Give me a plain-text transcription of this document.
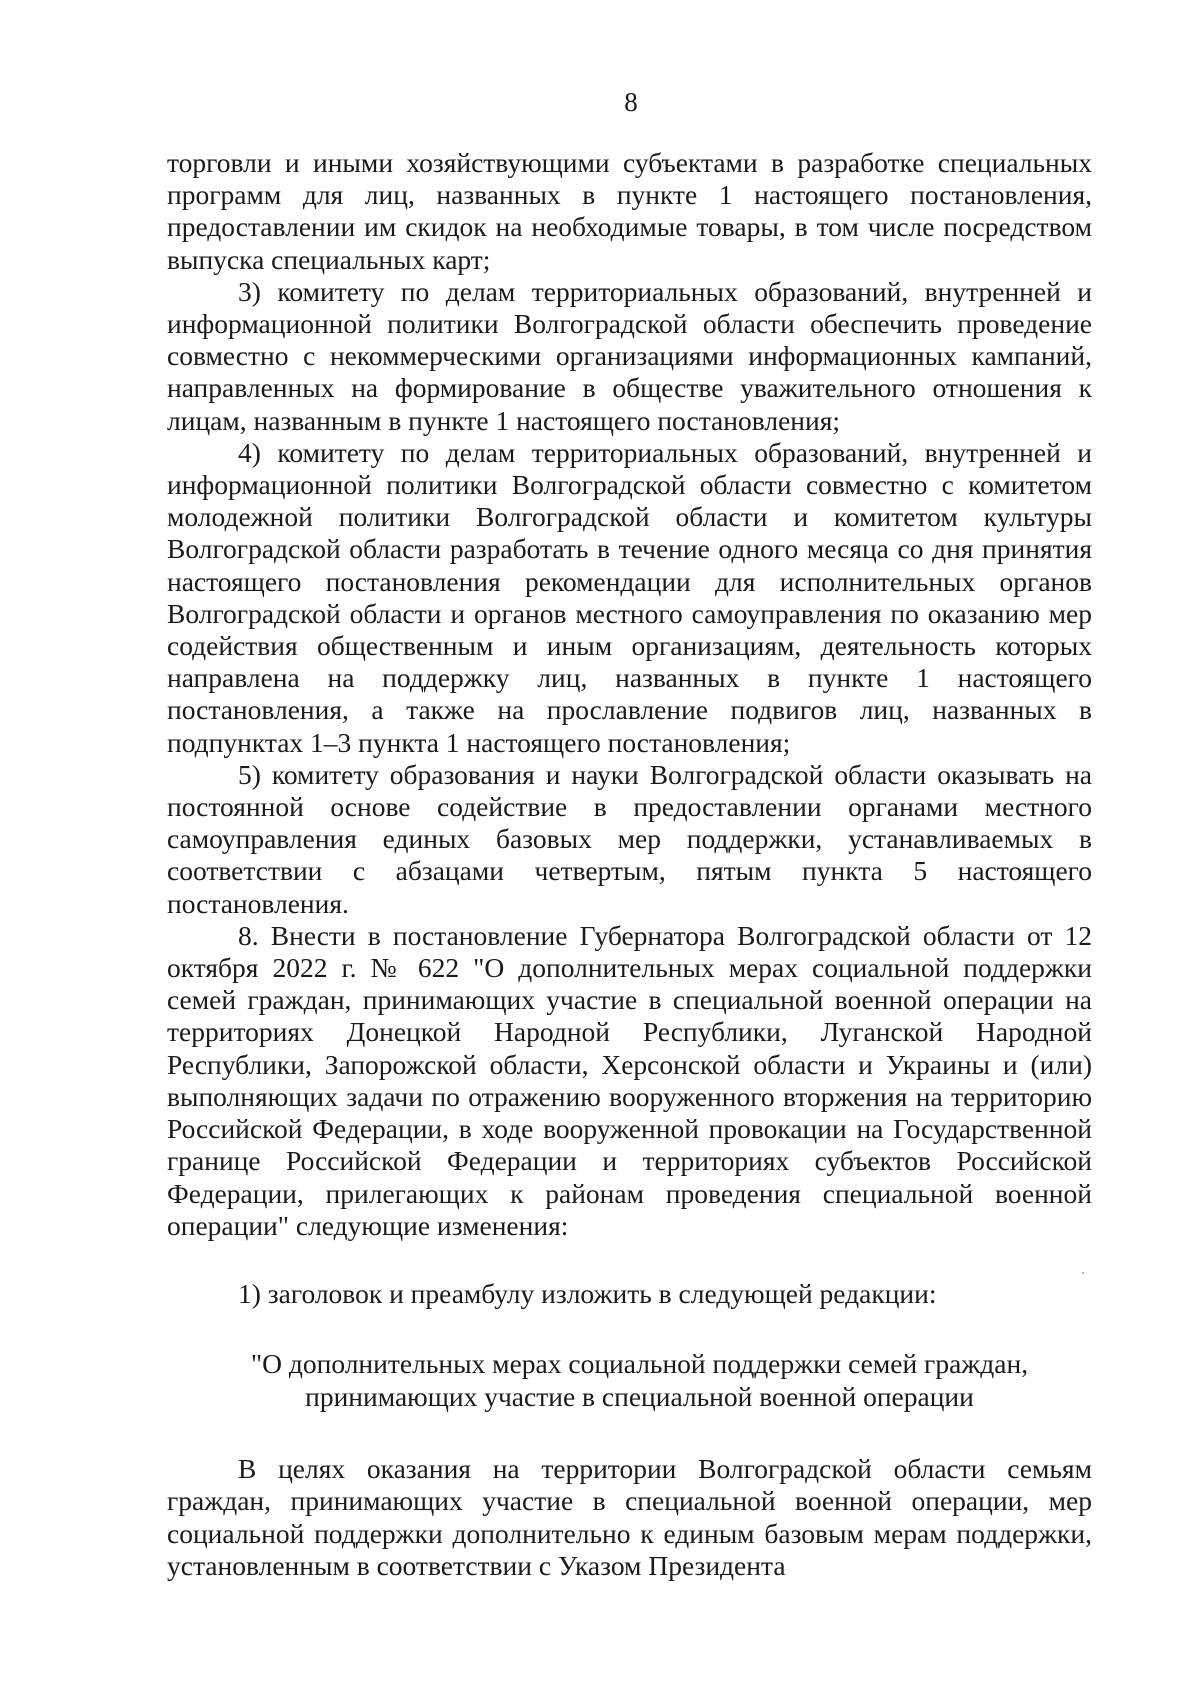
8

торговли и иными хозяйствующими субъектами в разработке специальных программ для лиц, названных в пункте 1 настоящего постановления, предоставлении им скидок на необходимые товары, в том числе посредством выпуска специальных карт;

3) комитету по делам территориальных образований, внутренней и информационной политики Волгоградской области обеспечить проведение совместно с некоммерческими организациями информационных кампаний, направленных на формирование в обществе уважительного отношения к лицам, названным в пункте 1 настоящего постановления;

4) комитету по делам территориальных образований, внутренней и информационной политики Волгоградской области совместно с комитетом молодежной политики Волгоградской области и комитетом культуры Волгоградской области разработать в течение одного месяца со дня принятия настоящего постановления рекомендации для исполнительных органов Волгоградской области и органов местного самоуправления по оказанию мер содействия общественным и иным организациям, деятельность которых направлена на поддержку лиц, названных в пункте 1 настоящего постановления, а также на прославление подвигов лиц, названных в подпунктах 1–3 пункта 1 настоящего постановления;

5) комитету образования и науки Волгоградской области оказывать на постоянной основе содействие в предоставлении органами местного самоуправления единых базовых мер поддержки, устанавливаемых в соответствии с абзацами четвертым, пятым пункта 5 настоящего постановления.

8. Внести в постановление Губернатора Волгоградской области от 12 октября 2022 г. № 622 "О дополнительных мерах социальной поддержки семей граждан, принимающих участие в специальной военной операции на территориях Донецкой Народной Республики, Луганской Народной Республики, Запорожской области, Херсонской области и Украины и (или) выполняющих задачи по отражению вооруженного вторжения на территорию Российской Федерации, в ходе вооруженной провокации на Государственной границе Российской Федерации и территориях субъектов Российской Федерации, прилегающих к районам проведения специальной военной операции" следующие изменения:

1) заголовок и преамбулу изложить в следующей редакции:

"О дополнительных мерах социальной поддержки семей граждан,
принимающих участие в специальной военной операции

В целях оказания на территории Волгоградской области семьям граждан, принимающих участие в специальной военной операции, мер социальной поддержки дополнительно к единым базовым мерам поддержки, установленным в соответствии с Указом Президента
